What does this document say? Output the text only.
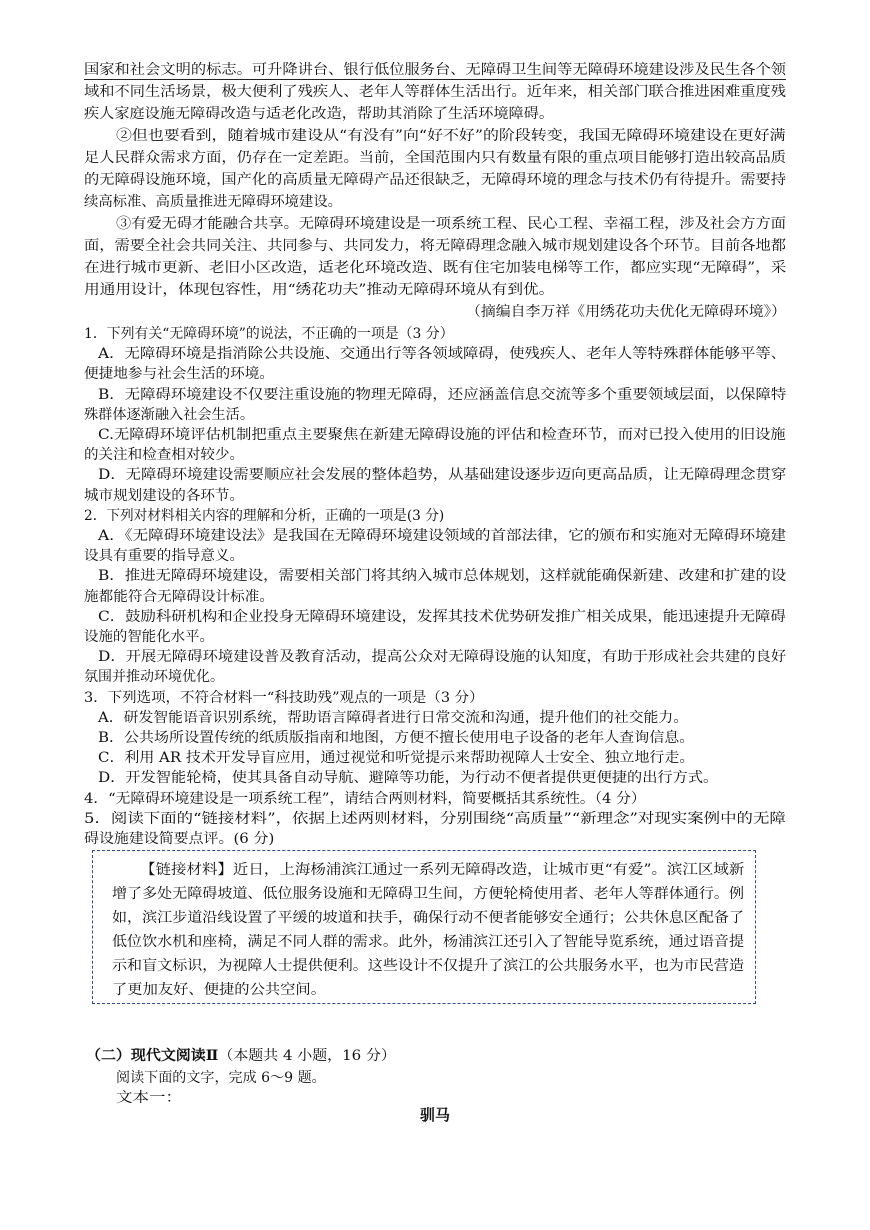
国家和社会文明的标志。可升降讲台、银行低位服务台、无障碍卫生间等无障碍环境建设涉及民生各个领
域和不同生活场景，极大便利了残疾人、老年人等群体生活出行。近年来，相关部门联合推进困难重度残
疾人家庭设施无障碍改造与适老化改造，帮助其消除了生活环境障碍。
②但也要看到，随着城市建设从“有没有”向“好不好”的阶段转变，我国无障碍环境建设在更好满
足人民群众需求方面，仍存在一定差距。当前，全国范围内只有数量有限的重点项目能够打造出较高品质
的无障碍设施环境，国产化的高质量无障碍产品还很缺乏，无障碍环境的理念与技术仍有待提升。需要持
续高标准、高质量推进无障碍环境建设。
③有爱无碍才能融合共享。无障碍环境建设是一项系统工程、民心工程、幸福工程，涉及社会方方面
面，需要全社会共同关注、共同参与、共同发力，将无障碍理念融入城市规划建设各个环节。目前各地都
在进行城市更新、老旧小区改造，适老化环境改造、既有住宅加装电梯等工作，都应实现“无障碍”，采
用通用设计，体现包容性，用“绣花功夫”推动无障碍环境从有到优。
1．下列有关“无障碍环境”的说法，不正确的一项是（3 分）
A．无障碍环境是指消除公共设施、交通出行等各领域障碍，使残疾人、老年人等特殊群体能够平等、
便捷地参与社会生活的环境。
B．无障碍环境建设不仅要注重设施的物理无障碍，还应涵盖信息交流等多个重要领域层面，以保障特
殊群体逐渐融入社会生活。
C.无障碍环境评估机制把重点主要聚焦在新建无障碍设施的评估和检查环节，而对已投入使用的旧设施
的关注和检查相对较少。
D．无障碍环境建设需要顺应社会发展的整体趋势，从基础建设逐步迈向更高品质，让无障碍理念贯穿
城市规划建设的各环节。
2．下列对材料相关内容的理解和分析，正确的一项是(3 分)
A．《无障碍环境建设法》是我国在无障碍环境建设领域的首部法律，它的颁布和实施对无障碍环境建
设具有重要的指导意义。
B．推进无障碍环境建设，需要相关部门将其纳入城市总体规划，这样就能确保新建、改建和扩建的设
施都能符合无障碍设计标准。
C．鼓励科研机构和企业投身无障碍环境建设，发挥其技术优势研发推广相关成果，能迅速提升无障碍
设施的智能化水平。
D．开展无障碍环境建设普及教育活动，提高公众对无障碍设施的认知度，有助于形成社会共建的良好
氛围并推动环境优化。
3．下列选项，不符合材料一“科技助残”观点的一项是（3 分）
A．研发智能语音识别系统，帮助语言障碍者进行日常交流和沟通，提升他们的社交能力。
B．公共场所设置传统的纸质版指南和地图，方便不擅长使用电子设备的老年人查询信息。
C．利用 AR 技术开发导盲应用，通过视觉和听觉提示来帮助视障人士安全、独立地行走。
D．开发智能轮椅，使其具备自动导航、避障等功能，为行动不便者提供更便捷的出行方式。
4．“无障碍环境建设是一项系统工程”，请结合两则材料，简要概括其系统性。（4 分）
5．阅读下面的“链接材料”，依据上述两则材料，分别围绕“高质量”“新理念”对现实案例中的无障
碍设施建设简要点评。(6 分)
【链接材料】近日，上海杨浦滨江通过一系列无障碍改造，让城市更“有爱”。滨江区域新
增了多处无障碍坡道、低位服务设施和无障碍卫生间，方便轮椅使用者、老年人等群体通行。例
如，滨江步道沿线设置了平缓的坡道和扶手，确保行动不便者能够安全通行；公共休息区配备了
低位饮水机和座椅，满足不同人群的需求。此外，杨浦滨江还引入了智能导览系统，通过语音提
示和盲文标识，为视障人士提供便利。这些设计不仅提升了滨江的公共服务水平，也为市民营造
了更加友好、便捷的公共空间。
（摘编自李万祥《用绣花功夫优化无障碍环境》）
（二）现代文阅读Ⅱ（本题共 4 小题，16 分）
阅读下面的文字，完成 6～9 题。
文本一：
驯马
